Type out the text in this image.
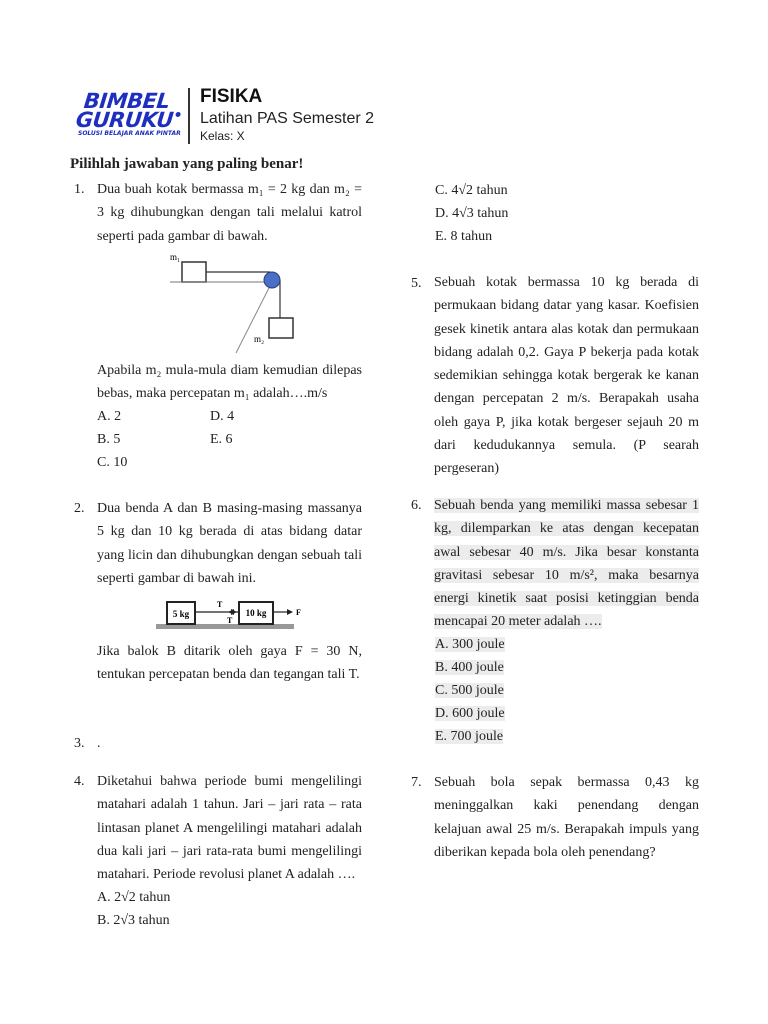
BIMBEL
GURUKU
SOLUSI BELAJAR ANAK PINTAR
FISIKA
Latihan PAS Semester 2
Kelas: X
Pilihlah jawaban yang paling benar!
1. Dua buah kotak bermassa m₁ = 2 kg dan m₂ = 3 kg dihubungkan dengan tali melalui katrol seperti pada gambar di bawah.
m₁
m₂
Apabila m₂ mula-mula diam kemudian dilepas bebas, maka percepatan m₁ adalah….m/s
A. 2	D. 4
B. 5	E. 6
C. 10
2. Dua benda A dan B masing-masing massanya 5 kg dan 10 kg berada di atas bidang datar yang licin dan dihubungkan dengan sebuah tali seperti gambar di bawah ini.
5 kg	10 kg
T
T
F
Jika balok B ditarik oleh gaya F = 30 N, tentukan percepatan benda dan tegangan tali T.
3. .
4. Diketahui bahwa periode bumi mengelilingi matahari adalah 1 tahun. Jari – jari rata – rata lintasan planet A mengelilingi matahari adalah dua kali jari – jari rata-rata bumi mengelilingi matahari. Periode revolusi planet A adalah ….
A. 2√2 tahun
B. 2√3 tahun
C. 4√2 tahun
D. 4√3 tahun
E. 8 tahun
5. Sebuah kotak bermassa 10 kg berada di permukaan bidang datar yang kasar. Koefisien gesek kinetik antara alas kotak dan permukaan bidang adalah 0,2. Gaya P bekerja pada kotak sedemikian sehingga kotak bergerak ke kanan dengan percepatan 2 m/s. Berapakah usaha oleh gaya P, jika kotak bergeser sejauh 20 m dari kedudukannya semula. (P searah pergeseran)
6. Sebuah benda yang memiliki massa sebesar 1 kg, dilemparkan ke atas dengan kecepatan awal sebesar 40 m/s. Jika besar konstanta gravitasi sebesar 10 m/s², maka besarnya energi kinetik saat posisi ketinggian benda mencapai 20 meter adalah ….
A. 300 joule
B. 400 joule
C. 500 joule
D. 600 joule
E. 700 joule
7. Sebuah bola sepak bermassa 0,43 kg meninggalkan kaki penendang dengan kelajuan awal 25 m/s. Berapakah impuls yang diberikan kepada bola oleh penendang?
